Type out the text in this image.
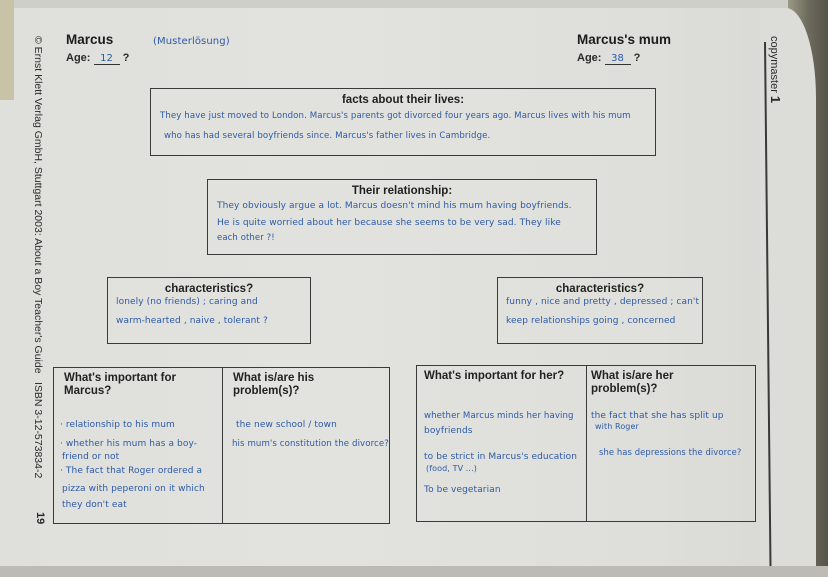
© Ernst Klett Verlag GmbH, Stuttgart 2003: About a Boy Teacher's Guide
ISBN 3-12-573834-2
19
copymaster 1
Marcus	(Musterlösung)
Age: 12 ?
Marcus's mum
Age: 38 ?
facts about their lives:
They have just moved to London. Marcus's parents got divorced four years ago. Marcus lives with his mum
who has had several boyfriends since. Marcus's father lives in Cambridge.
Their relationship:
They obviously argue a lot. Marcus doesn't mind his mum having boyfriends.
He is quite worried about her because she seems to be very sad. They like
each other ?!
characteristics?
lonely (no friends) ; caring and
warm-hearted , naive , tolerant ?
characteristics?
funny , nice and pretty , depressed ; can't
keep relationships going , concerned
What's important for
Marcus?
· relationship to his mum
· whether his mum has a boy-
friend or not
· The fact that Roger ordered a
pizza with peperoni on it which
they don't eat
What is/are his
problem(s)?
the new school / town
his mum's constitution the divorce?
What's important for her?
whether Marcus minds her having
boyfriends
to be strict in Marcus's education
(food, TV ...)
To be vegetarian
What is/are her
problem(s)?
the fact that she has split up
with Roger
she has depressions the divorce?
